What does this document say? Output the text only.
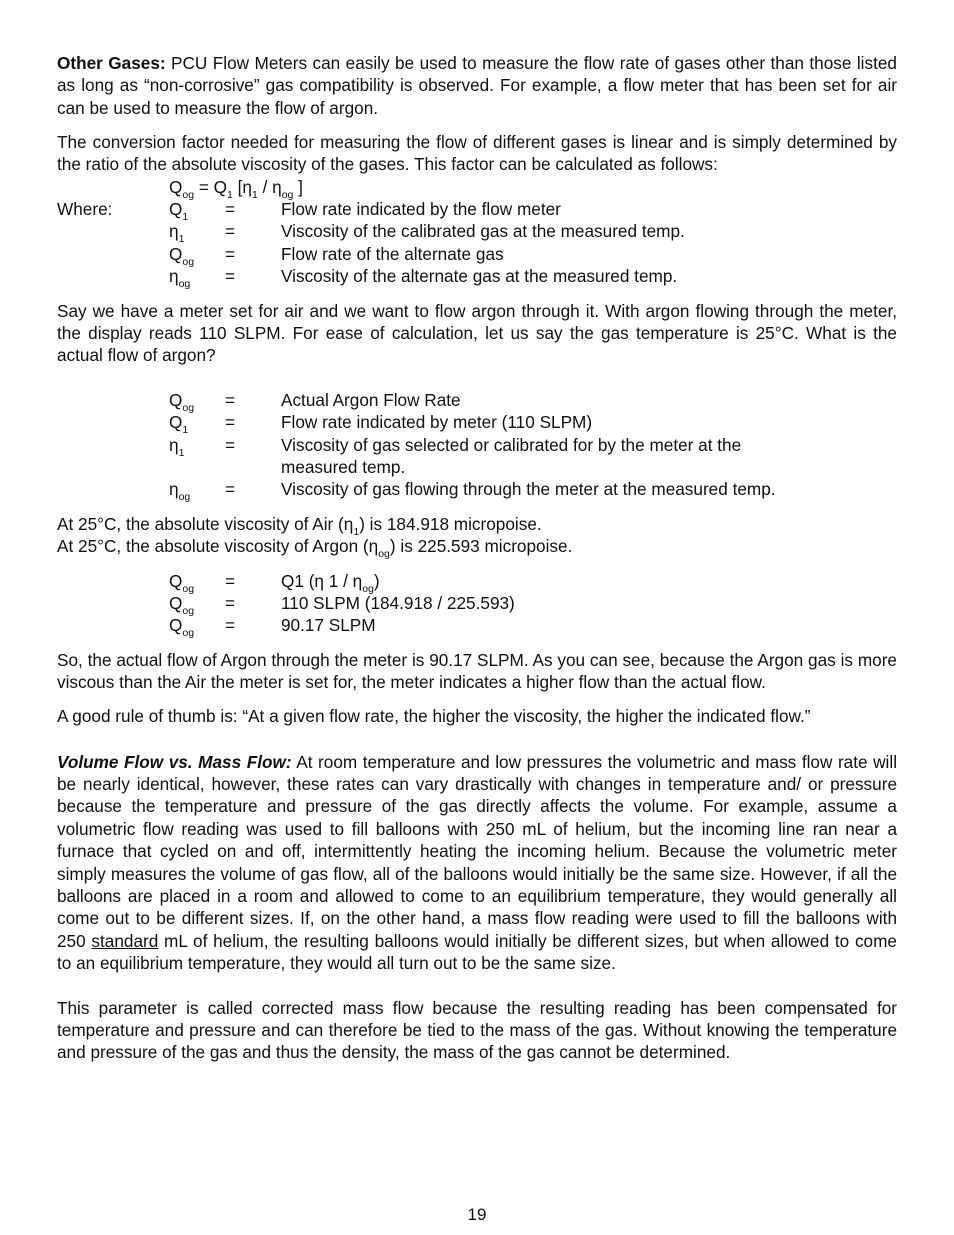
Other Gases: PCU Flow Meters can easily be used to measure the flow rate of gases other than those listed as long as “non-corrosive” gas compatibility is observed. For example, a flow meter that has been set for air can be used to measure the flow of argon.

The conversion factor needed for measuring the flow of different gases is linear and is simply determined by the ratio of the absolute viscosity of the gases. This factor can be calculated as follows:

$Q_{og} = Q_1$ [$\eta_1 / \eta_{og}$ ]
Where:	$Q_1$ =	Flow rate indicated by the flow meter
$\eta_1$ =	Viscosity of the calibrated gas at the measured temp.
$Q_{og}$ =	Flow rate of the alternate gas
$\eta_{og}$ =	Viscosity of the alternate gas at the measured temp.

Say we have a meter set for air and we want to flow argon through it. With argon flowing through the meter, the display reads 110 SLPM. For ease of calculation, let us say the gas temperature is 25°C. What is the actual flow of argon?

$Q_{og}$ =	Actual Argon Flow Rate
$Q_1$ =	Flow rate indicated by meter (110 SLPM)
$\eta_1$ =	Viscosity of gas selected or calibrated for by the meter at the measured temp.
$\eta_{og}$ =	Viscosity of gas flowing through the meter at the measured temp.

At 25°C, the absolute viscosity of Air $(\eta_1)$ is 184.918 micropoise.

At 25°C, the absolute viscosity of Argon $(\eta_{og})$ is 225.593 micropoise.

$Q_{og}$ =	Q1 (η $1 / \eta_{og}$)
$Q_{og}$ =	110 SLPM (184.918 / 225.593)
$Q_{og}$ =	90.17 SLPM

So, the actual flow of Argon through the meter is 90.17 SLPM. As you can see, because the Argon gas is more viscous than the Air the meter is set for, the meter indicates a higher flow than the actual flow.

A good rule of thumb is: “At a given flow rate, the higher the viscosity, the higher the indicated flow.”

Volume Flow vs. Mass Flow: At room temperature and low pressures the volumetric and mass flow rate will be nearly identical, however, these rates can vary drastically with changes in temperature and/ or pressure because the temperature and pressure of the gas directly affects the volume. For example, assume a volumetric flow reading was used to fill balloons with 250 mL of helium, but the incoming line ran near a furnace that cycled on and off, intermittently heating the incoming helium. Because the volumetric meter simply measures the volume of gas flow, all of the balloons would initially be the same size. However, if all the balloons are placed in a room and allowed to come to an equilibrium temperature, they would generally all come out to be different sizes. If, on the other hand, a mass flow reading were used to fill the balloons with 250 standard mL of helium, the resulting balloons would initially be different sizes, but when allowed to come to an equilibrium temperature, they would all turn out to be the same size.

This parameter is called corrected mass flow because the resulting reading has been compensated for temperature and pressure and can therefore be tied to the mass of the gas. Without knowing the temperature and pressure of the gas and thus the density, the mass of the gas cannot be determined.

19
